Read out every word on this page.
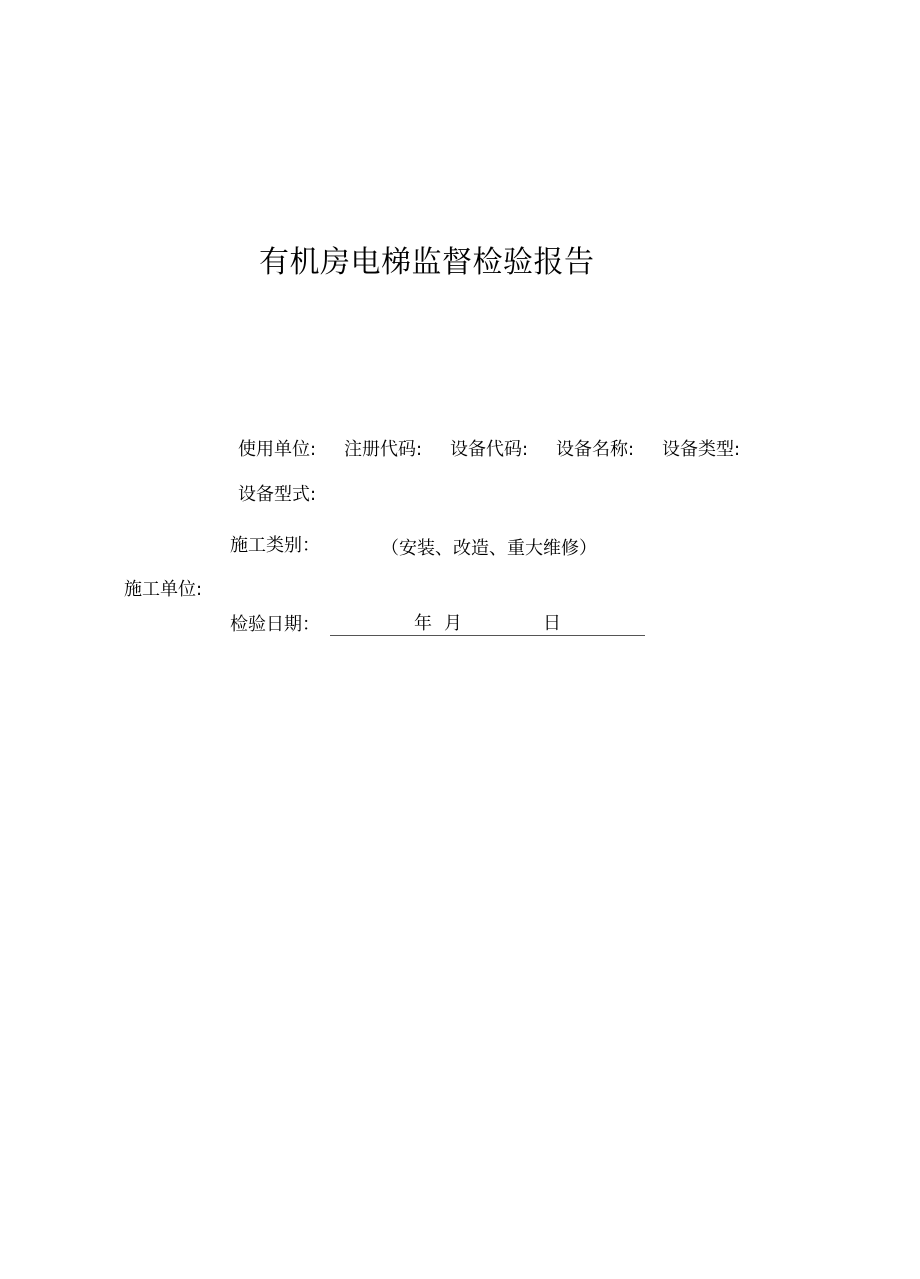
有机房电梯监督检验报告
使用单位: 注册代码: 设备代码: 设备名称: 设备类型:
设备型式:
施工类别：	（安装、改造、重大维修）
施工单位:
检验日期：	年 月	日
